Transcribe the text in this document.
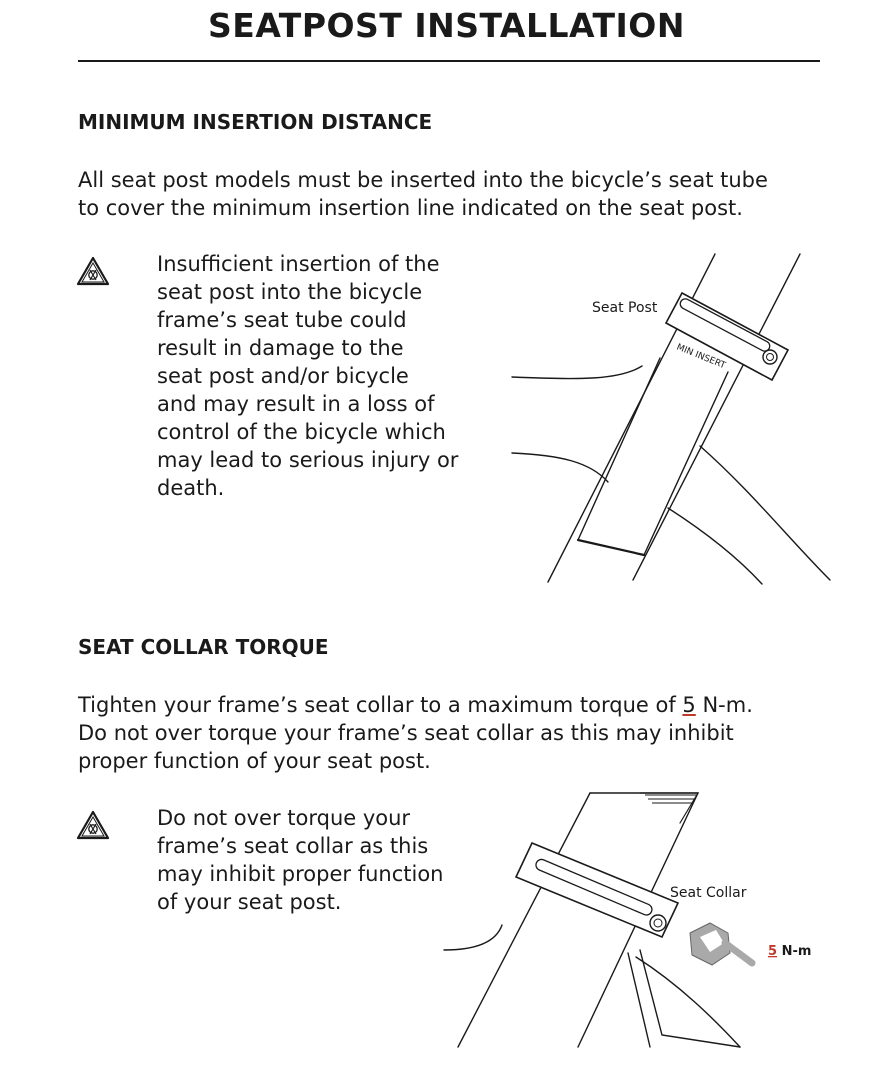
SEATPOST INSTALLATION
MINIMUM INSERTION DISTANCE

All seat post models must be inserted into the bicycle’s seat tube
to cover the minimum insertion line indicated on the seat post.

Insufficient insertion of the
seat post into the bicycle
frame’s seat tube could
result in damage to the
seat post and/or bicycle
and may result in a loss of
control of the bicycle which
may lead to serious injury or
death.
Seat Post
MIN INSERT
SEAT COLLAR TORQUE

Tighten your frame’s seat collar to a maximum torque of 5 N-m.
Do not over torque your frame’s seat collar as this may inhibit
proper function of your seat post.

Do not over torque your
frame’s seat collar as this
may inhibit proper function
of your seat post.	Seat Collar
5 N-m
